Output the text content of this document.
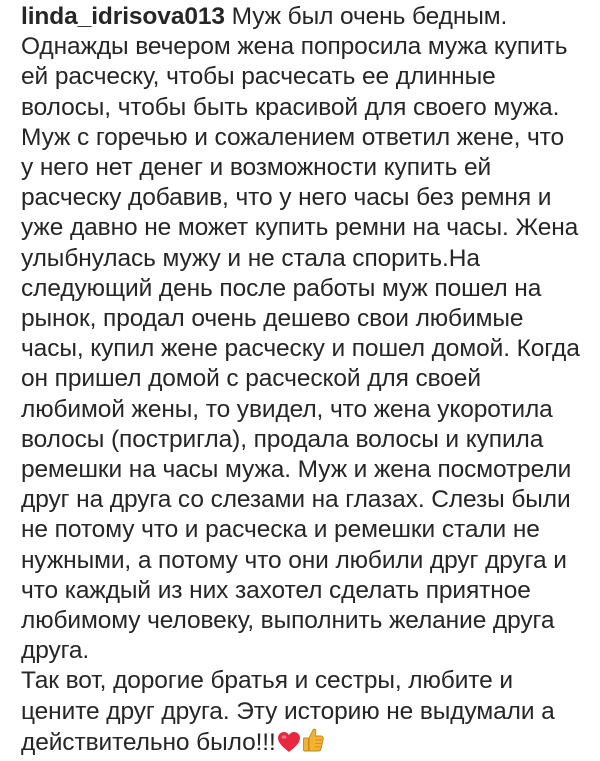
linda_idrisova013 Муж был очень бедным.
Однажды вечером жена попросила мужа купить
ей расческу, чтобы расчесать ее длинные
волосы, чтобы быть красивой для своего мужа.
Муж с горечью и сожалением ответил жене, что
у него нет денег и возможности купить ей
расческу добавив, что у него часы без ремня и
уже давно не может купить ремни на часы. Жена
улыбнулась мужу и не стала спорить.На
следующий день после работы муж пошел на
рынок, продал очень дешево свои любимые
часы, купил жене расческу и пошел домой. Когда
он пришел домой с расческой для своей
любимой жены, то увидел, что жена укоротила
волосы (постригла), продала волосы и купила
ремешки на часы мужа. Муж и жена посмотрели
друг на друга со слезами на глазах. Слезы были
не потому что и расческа и ремешки стали не
нужными, а потому что они любили друг друга и
что каждый из них захотел сделать приятное
любимому человеку, выполнить желание друга
друга.
Так вот, дорогие братья и сестры, любите и
цените друг друга. Эту историю не выдумали а
действительно было!!!
